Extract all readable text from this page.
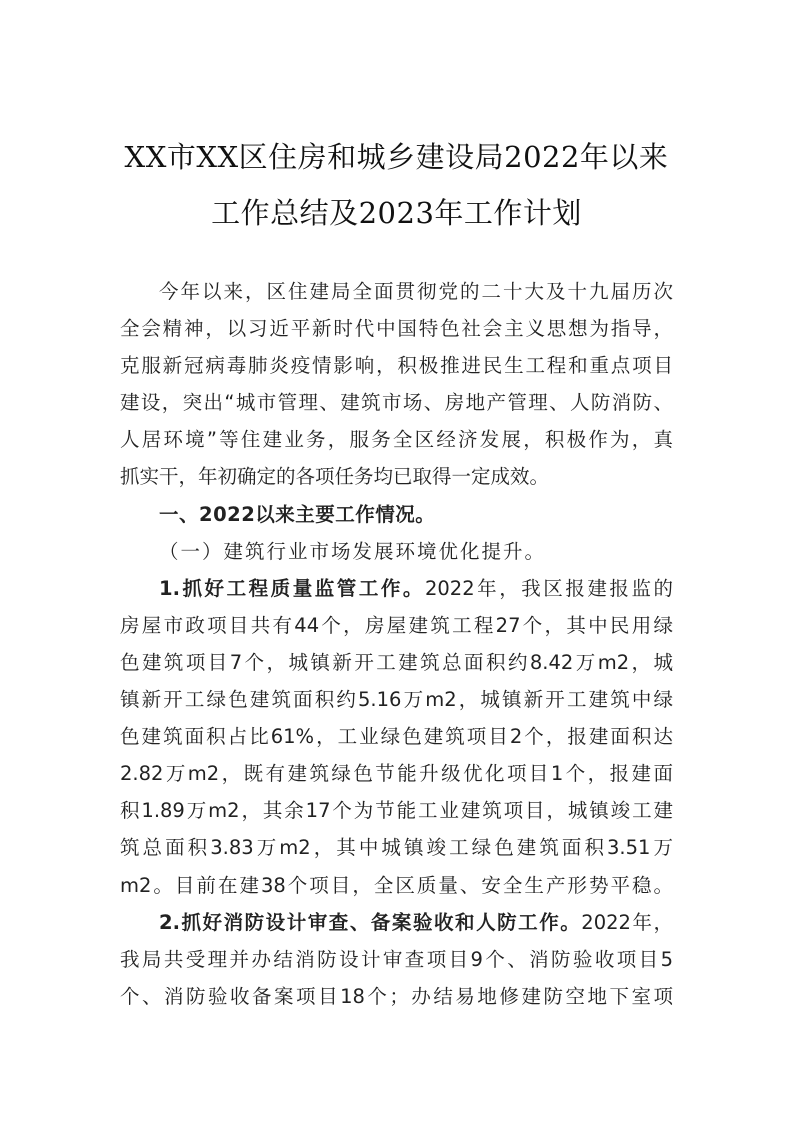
XX市XX区住房和城乡建设局2022年以来
工作总结及2023年工作计划
今年以来，区住建局全面贯彻党的二十大及十九届历次
全会精神，以习近平新时代中国特色社会主义思想为指导，
克服新冠病毒肺炎疫情影响，积极推进民生工程和重点项目
建设，突出“城市管理、建筑市场、房地产管理、人防消防、
人居环境”等住建业务，服务全区经济发展，积极作为，真
抓实干，年初确定的各项任务均已取得一定成效。
一、2022以来主要工作情况。
（一）建筑行业市场发展环境优化提升。
1.抓好工程质量监管工作。2022年，我区报建报监的
房屋市政项目共有44个，房屋建筑工程27个，其中民用绿
色建筑项目7个，城镇新开工建筑总面积约8.42万m2，城
镇新开工绿色建筑面积约5.16万m2，城镇新开工建筑中绿
色建筑面积占比61%，工业绿色建筑项目2个，报建面积达
2.82万m2，既有建筑绿色节能升级优化项目1个，报建面
积1.89万m2，其余17个为节能工业建筑项目，城镇竣工建
筑总面积3.83万m2，其中城镇竣工绿色建筑面积3.51万
m2。目前在建38个项目，全区质量、安全生产形势平稳。
2.抓好消防设计审查、备案验收和人防工作。2022年，
我局共受理并办结消防设计审查项目9个、消防验收项目5
个、消防验收备案项目18个；办结易地修建防空地下室项
